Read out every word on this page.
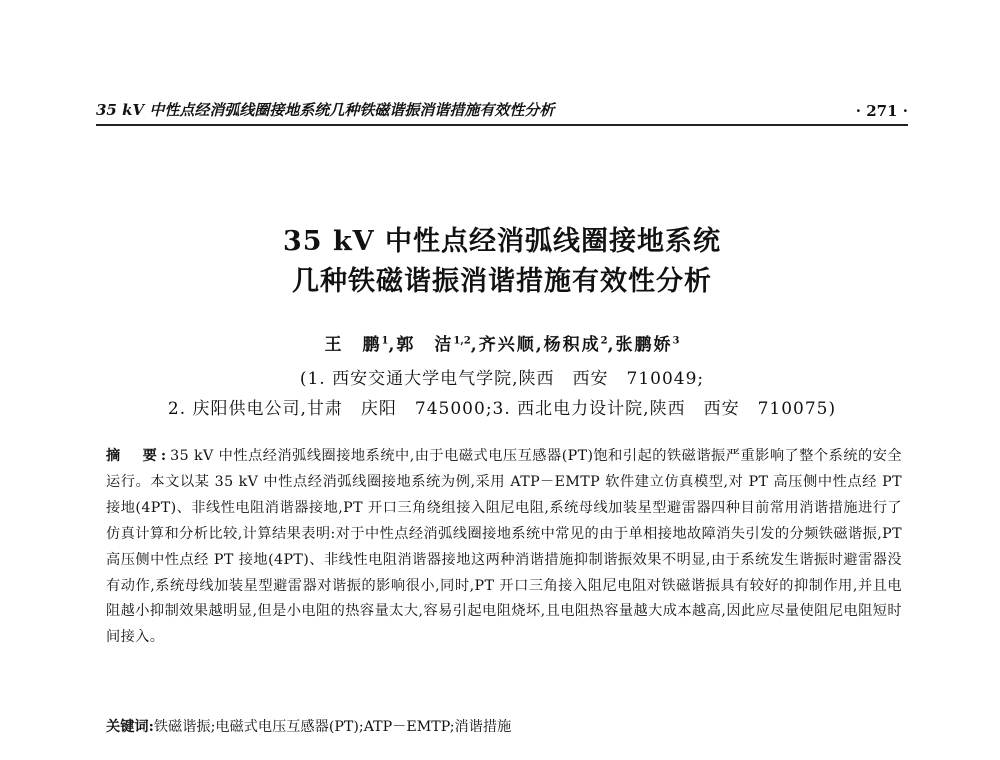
35 kV 中性点经消弧线圈接地系统几种铁磁谐振消谐措施有效性分析	· 271 ·
35 kV 中性点经消弧线圈接地系统
几种铁磁谐振消谐措施有效性分析
王　鹏$^1$,郭　洁$^{1,2}$,齐兴顺,杨积成$^2$,张鹏娇$^3$
(1. 西安交通大学电气学院,陕西　西安　710049;
2. 庆阳供电公司,甘肃　庆阳　745000;3. 西北电力设计院,陕西　西安　710075)
摘　要:35 kV 中性点经消弧线圈接地系统中,由于电磁式电压互感器(PT)饱和引起的铁磁谐振严重影响了整个系统的安全运行。本文以某 35 kV 中性点经消弧线圈接地系统为例,采用 ATP－EMTP 软件建立仿真模型,对 PT 高压侧中性点经 PT 接地(4PT)、非线性电阻消谐器接地,PT 开口三角绕组接入阻尼电阻,系统母线加装星型避雷器四种目前常用消谐措施进行了仿真计算和分析比较,计算结果表明:对于中性点经消弧线圈接地系统中常见的由于单相接地故障消失引发的分频铁磁谐振,PT 高压侧中性点经 PT 接地(4PT)、非线性电阻消谐器接地这两种消谐措施抑制谐振效果不明显,由于系统发生谐振时避雷器没有动作,系统母线加装星型避雷器对谐振的影响很小,同时,PT 开口三角接入阻尼电阻对铁磁谐振具有较好的抑制作用,并且电阻越小抑制效果越明显,但是小电阻的热容量太大,容易引起电阻烧坏,且电阻热容量越大成本越高,因此应尽量使阻尼电阻短时间接入。
关键词:铁磁谐振;电磁式电压互感器(PT);ATP－EMTP;消谐措施
